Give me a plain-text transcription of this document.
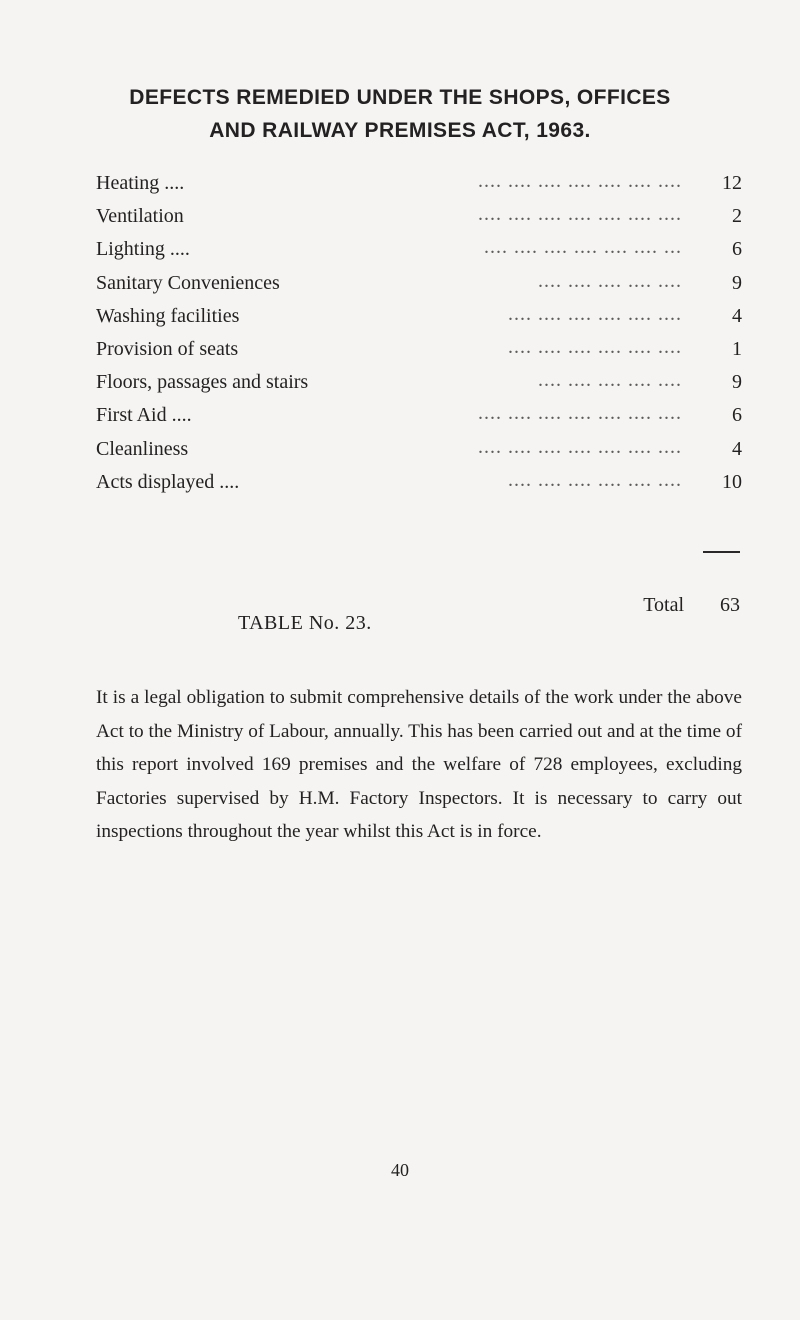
DEFECTS REMEDIED UNDER THE SHOPS, OFFICES
AND RAILWAY PREMISES ACT, 1963.
Heating ....	.... .... .... .... .... .... ....	12
Ventilation	.... .... .... .... .... .... ....	2
Lighting ....	.... .... .... .... .... .... ...	6
Sanitary Conveniences	.... .... .... .... ....	9
Washing facilities	.... .... .... .... .... ....	4
Provision of seats	.... .... .... .... .... ....	1
Floors, passages and stairs	.... .... .... .... ....	9
First Aid ....	.... .... .... .... .... .... ....	6
Cleanliness	.... .... .... .... .... .... ....	4
Acts displayed ....	.... .... .... .... .... ....	10
Total	63
TABLE No. 23.
It is a legal obligation to submit comprehensive details of the work under the above Act to the Ministry of Labour, annually. This has been carried out and at the time of this report involved 169 premises and the welfare of 728 employees, excluding Factories supervised by H.M. Factory Inspectors. It is necessary to carry out inspections throughout the year whilst this Act is in force.
40
